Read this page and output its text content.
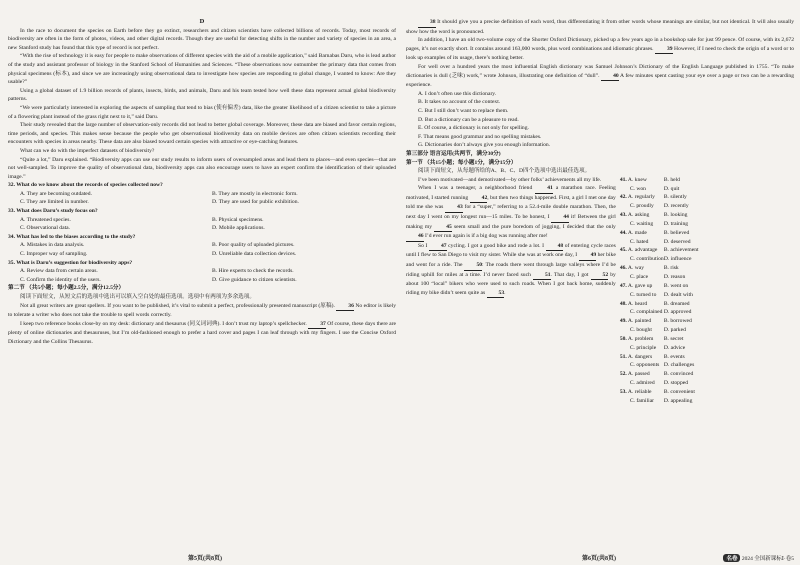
D

In the race to document the species on Earth before they go extinct, researchers and citizen scientists have collected billions of records. Today, most records of biodiversity are often in the form of photos, videos, and other digital records. Though they are useful for detecting shifts in the number and variety of species in an area, a new Stanford study has found that this type of record is not perfect.

“With the rise of technology it is easy for people to make observations of different species with the aid of a mobile application,” said Barnabas Daru, who is lead author of the study and assistant professor of biology in the Stanford School of Humanities and Sciences. “These observations now outnumber the primary data that comes from physical specimens (标本), and since we are increasingly using observational data to investigate how species are responding to global change, I wanted to know: Are they usable?”

Using a global dataset of 1.9 billion records of plants, insects, birds, and animals, Daru and his team tested how well these data represent actual global biodiversity patterns.

“We were particularly interested in exploring the aspects of sampling that tend to bias (使有偏差) data, like the greater likelihood of a citizen scientist to take a picture of a flowering plant instead of the grass right next to it,” said Daru.

Their study revealed that the large number of observation-only records did not lead to better global coverage. Moreover, these data are biased and favor certain regions, time periods, and species. This makes sense because the people who get observational biodiversity data on mobile devices are often citizen scientists recording their encounters with species in areas nearby. These data are also biased toward certain species with attractive or eye-catching features.

What can we do with the imperfect datasets of biodiversity?

“Quite a lot,” Daru explained. “Biodiversity apps can use our study results to inform users of oversampled areas and lead them to places—and even species—that are not well-sampled. To improve the quality of observational data, biodiversity apps can also encourage users to have an expert confirm the identification of their uploaded image.”

32. What do we know about the records of species collected now?
A. They are becoming outdated.	B. They are mostly in electronic form.
C. They are limited in number.	D. They are used for public exhibition.
33. What does Daru’s study focus on?
A. Threatened species.	B. Physical specimens.
C. Observational data.	D. Mobile applications.
34. What has led to the biases according to the study?
A. Mistakes in data analysis.	B. Poor quality of uploaded pictures.
C. Improper way of sampling.	D. Unreliable data collection devices.
35. What is Daru’s suggestion for biodiversity apps?
A. Review data from certain areas.	B. Hire experts to check the records.
C. Confirm the identity of the users.	D. Give guidance to citizen scientists.
第二节 （共5小题；每小题2.5分，满分12.5分）

阅读下面短文，从短文后的选项中选出可以填入空白处的最佳选项。选项中有两项为多余选项。

Not all great writers are great spellers. If you want to be published, it’s vital to submit a perfect, professionally presented manuscript (原稿). 36 No editor is likely to tolerate a writer who does not take the trouble to spell words correctly.

I keep two reference books close-by on my desk: dictionary and thesaurus (同义词词典). I don’t trust my laptop’s spellchecker. 37 Of course, these days there are plenty of online dictionaries and thesauruses, but I’m old-fashioned enough to prefer a hard cover and pages I can leaf through with my fingers. I use the Concise Oxford Dictionary and the Collins Thesaurus.

第5页(共8页)

38 It should give you a precise definition of each word, thus differentiating it from other words whose meanings are similar, but not identical. It will also usually show how the word is pronounced.

In addition, I have an old two-volume copy of the Shorter Oxford Dictionary, picked up a few years ago in a bookshop sale for just 99 pence. Of course, with its 2,672 pages, it’s not exactly short. It contains around 163,000 words, plus word combinations and idiomatic phrases. 39 However, if I need to check the origin of a word or to look up examples of its usage, there’s nothing better.

For well over a hundred years the most influential English dictionary was Samuel Johnson’s Dictionary of the English Language published in 1755. “To make dictionaries is dull (乏味) work,” wrote Johnson, illustrating one definition of “dull”. 40 A few minutes spent casting your eye over a page or two can be a rewarding experience.

A. I don’t often use this dictionary.
B. It takes no account of the context.
C. But I still don’t want to replace them.
D. But a dictionary can be a pleasure to read.
E. Of course, a dictionary is not only for spelling.
F. That means good grammar and no spelling mistakes.
G. Dictionaries don’t always give you enough information.
第三部分 语言运用(共两节，满分30分)
第一节 （共15小题；每小题1分，满分15分）

阅读下面短文，从每题所给的A、B、C、D四个选项中选出最佳选项。

I’ve been motivated—and demotivated—by other folks’ achievements all my life.

When I was a teenager, a neighborhood friend 41 a marathon race. Feeling motivated, I started running 42, but then two things happened. First, a girl I met one day told me she was 43 for a “super,” referring to a 52.4-mile double marathon. Then, the next day I went on my longest run—15 miles. To be honest, I 44 it! Between the girl making my 45 seem small and the pure boredom of jogging, I decided that the only 46 I’d ever run again is if a big dog was running after me!

So I 47 cycling. I got a good bike and rode a lot. I 48 of entering cycle races until I flew to San Diego to visit my sister. While she was at work one day, I 49 her bike and went for a ride. The 50: The roads there went through large valleys where I’d be riding uphill for miles at a time. I’d never faced such 51. That day, I got 52 by about 100 “local” bikers who were used to such roads. When I got back home, suddenly riding my bike didn’t seem quite as 53.

41. A. knew	B. held
C. won	D. quit
42. A. regularly	B. silently
C. proudly	D. recently
43. A. asking	B. looking
C. waiting	D. training
44. A. made	B. believed
C. hated	D. deserved
45. A. advantage	B. achievement
C. contribution D. influence
46. A. way	B. risk
C. place	D. reason
47. A. gave up	B. went on
C. turned to	D. dealt with
48. A. heard	B. dreamed
C. complained D. approved
49. A. painted	B. borrowed
C. bought	D. parked
50. A. problem	B. secret
C. principle	D. advice
51. A. dangers	B. events
C. opponents D. challenges
52. A. passed	B. convinced
C. admired	D. stopped
53. A. reliable	B. convenient
C. familiar	D. appealing
第6页(共8页)	名卷 2024 全国新课标Ⅰ·卷5
